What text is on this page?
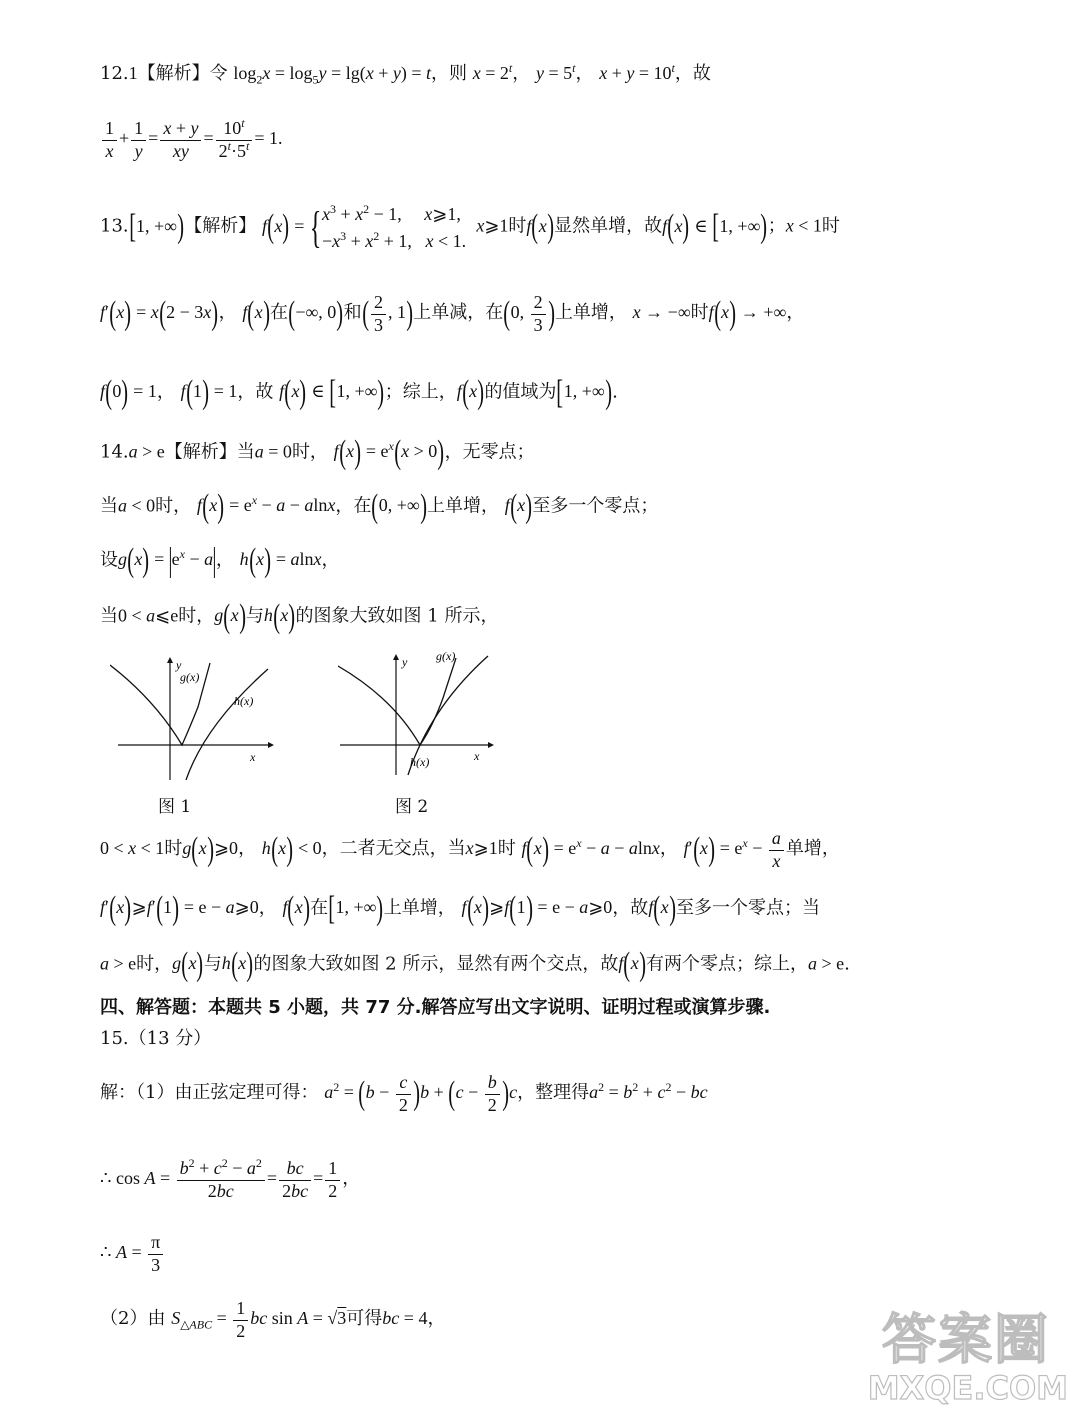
12.1【解析】令 $\log_2x = \log_5y = \lg(x + y) = t$，则 $x = 2^t$， $y = 5^t$， $x + y = 10^t$，故
$\frac{1}{x} + \frac{1}{y} = \frac{x + y}{xy} = \frac{10^t}{2^t\cdot 5^t} = 1$.
13.[1, +∞)【解析】 f(x) = { $x^3 + x^2 - 1$,     x⩾1,
$-x^3 + x^2 + 1$,   x < 1.
x⩾1时f(x)显然单增，故f(x) ∈ [1, +∞)；x < 1时
f′(x) = x(2 − 3x)， f(x)在(−∞, 0)和( $\frac{2}{3}$ , 1)上单减，在(0, $\frac{2}{3}$ )上单增， x → −∞时f(x) → +∞，
f(0) = 1， f(1) = 1，故 f(x) ∈ [1, +∞)；综上，f(x)的值域为[1, +∞).
14.a > e【解析】当a = 0时， $f(x) = e^x(x > 0)$，无零点；
当a < 0时， $f(x) = e^x - a - alnx$，在(0, +∞)上单增， f(x)至多一个零点；
设$g(x) = |e^x - a|$， h(x) = alnx，
当0 < a⩽e时，g(x)与h(x)的图象大致如图 1 所示，
y
g(x)
h(x)
x
图 1
y g(x)
h(x)	x
图 2
0 < x < 1时g(x)⩾0， h(x) < 0，二者无交点，当x⩾1时 $f(x) = e^x - a - alnx$， $f'(x) = e^x - \frac{a}{x}$ 单增，
f′(x)⩾f′(1) = e − a⩾0， f(x)在[1, +∞)上单增， f(x)⩾f(1) = e − a⩾0，故f(x)至多一个零点；当
a > e时，g(x)与h(x)的图象大致如图 2 所示，显然有两个交点，故f(x)有两个零点；综上，a > e.
四、解答题：本题共 5 小题，共 77 分.解答应写出文字说明、证明过程或演算步骤.
15.（13 分）
解：（1）由正弦定理可得： $a^2 = (b - \frac{c}{2} )b + (c - \frac{b}{2} )c$，整理得$a^2 = b^2 + c^2$ − bc
∴ $\cos A = \frac{b^2 + c^2 - a^2}{2bc} = \frac{bc}{2bc} = \frac{1}{2}$ ，
∴ $A = \frac{\pi}{3}$
（2）由 $S_{\triangle ABC} = \frac{1}{2}$ bc sin A = √3可得bc = 4，	答案圈
MXQE.COM
